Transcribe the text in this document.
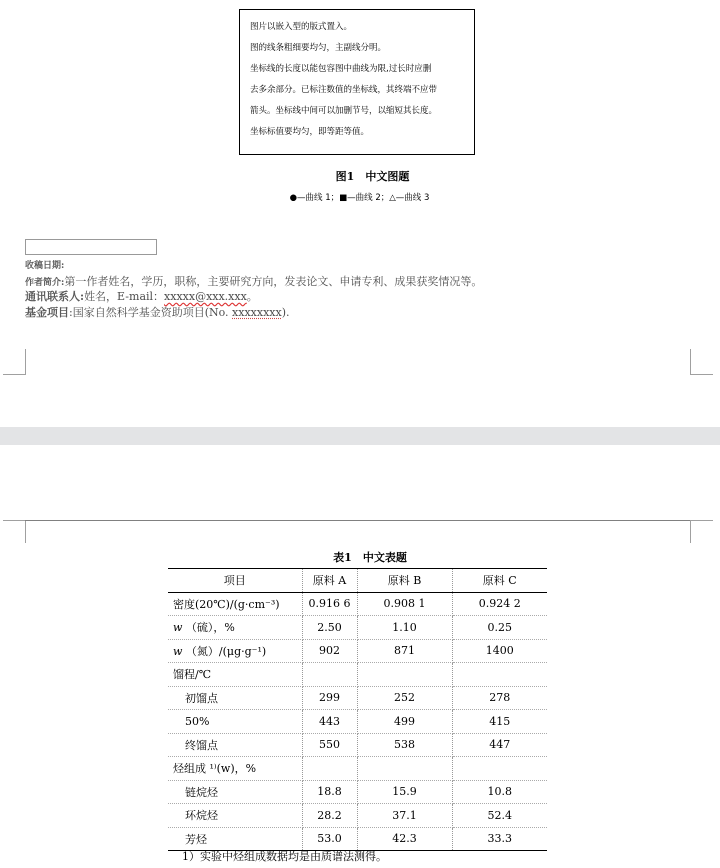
图片以嵌入型的版式置入。
图的线条粗细要均匀，主副线分明。
坐标线的长度以能包容图中曲线为限,过长时应删
去多余部分。已标注数值的坐标线，其终端不应带
箭头。坐标线中间可以加删节号，以缩短其长度。
坐标标值要均匀，即等距等值。
图1　中文图题
●—曲线 1；■—曲线 2；△—曲线 3
收稿日期:
作者简介:第一作者姓名，学历，职称，主要研究方向，发表论文、申请专利、成果获奖情况等。
通讯联系人:姓名，E-mail：xxxxx@xxx.xxx。
基金项目:国家自然科学基金资助项目(No. xxxxxxxx).
表1　中文表题
项目	原料 A	原料 B	原料 C
密度(20℃)/(g·cm⁻³)	0.916 6	0.908 1	0.924 2
w （硫），%	2.50	1.10	0.25
w （氮）/(μg·g⁻¹)	902	871	1400
馏程/℃			
初馏点	299	252	278
50%	443	499	415
终馏点	550	538	447
烃组成 ¹⁾(w)，%			
链烷烃	18.8	15.9	10.8
环烷烃	28.2	37.1	52.4
芳烃	53.0	42.3	33.3
1）实验中烃组成数据均是由质谱法测得。
